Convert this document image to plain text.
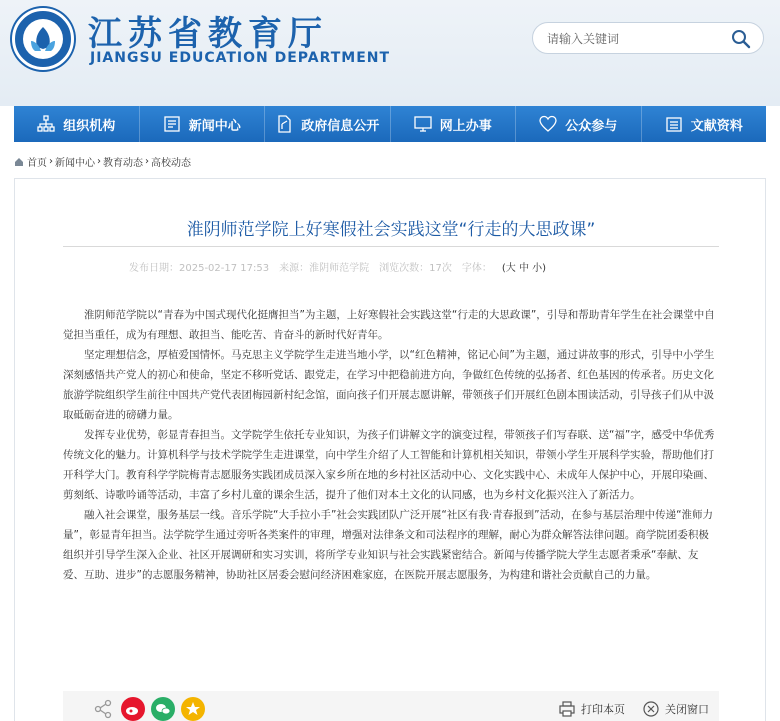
江苏省教育厅
JIANGSU EDUCATION DEPARTMENT
请输入关键词
组织机构	新闻中心	政府信息公开	网上办事	公众参与	文献资料
首页 › 新闻中心 › 教育动态 › 高校动态
淮阴师范学院上好寒假社会实践这堂“行走的大思政课”
发布日期：2025-02-17 17:53 来源：淮阴师范学院 浏览次数：17次 字体： (大 中 小)

淮阴师范学院以“青春为中国式现代化挺膺担当”为主题，上好寒假社会实践这堂“行走的大思政课”，引导和帮助青年学生在社会课堂中自觉担当重任，成为有理想、敢担当、能吃苦、肯奋斗的新时代好青年。

坚定理想信念，厚植爱国情怀。马克思主义学院学生走进当地小学，以“红色精神，铭记心间”为主题，通过讲故事的形式，引导中小学生深刻感悟共产党人的初心和使命，坚定不移听党话、跟党走，在学习中把稳前进方向，争做红色传统的弘扬者、红色基因的传承者。历史文化旅游学院组织学生前往中国共产党代表团梅园新村纪念馆，面向孩子们开展志愿讲解，带领孩子们开展红色剧本围读活动，引导孩子们从中汲取砥砺奋进的磅礴力量。

发挥专业优势，彰显青春担当。文学院学生依托专业知识，为孩子们讲解文字的演变过程，带领孩子们写春联、送“福”字，感受中华优秀传统文化的魅力。计算机科学与技术学院学生走进课堂，向中学生介绍了人工智能和计算机相关知识，带领小学生开展科学实验，帮助他们打开科学大门。教育科学学院梅青志愿服务实践团成员深入家乡所在地的乡村社区活动中心、文化实践中心、未成年人保护中心，开展印染画、剪刻纸、诗歌吟诵等活动，丰富了乡村儿童的课余生活，提升了他们对本土文化的认同感，也为乡村文化振兴注入了新活力。

融入社会课堂，服务基层一线。音乐学院“大手拉小手”社会实践团队广泛开展“社区有我·青春报到”活动，在参与基层治理中传递“淮师力量”，彰显青年担当。法学院学生通过旁听各类案件的审理，增强对法律条文和司法程序的理解，耐心为群众解答法律问题。商学院团委积极组织并引导学生深入企业、社区开展调研和实习实训，将所学专业知识与社会实践紧密结合。新闻与传播学院大学生志愿者秉承“奉献、友爱、互助、进步”的志愿服务精神，协助社区居委会慰问经济困难家庭，在医院开展志愿服务，为构建和谐社会贡献自己的力量。

打印本页	关闭窗口
